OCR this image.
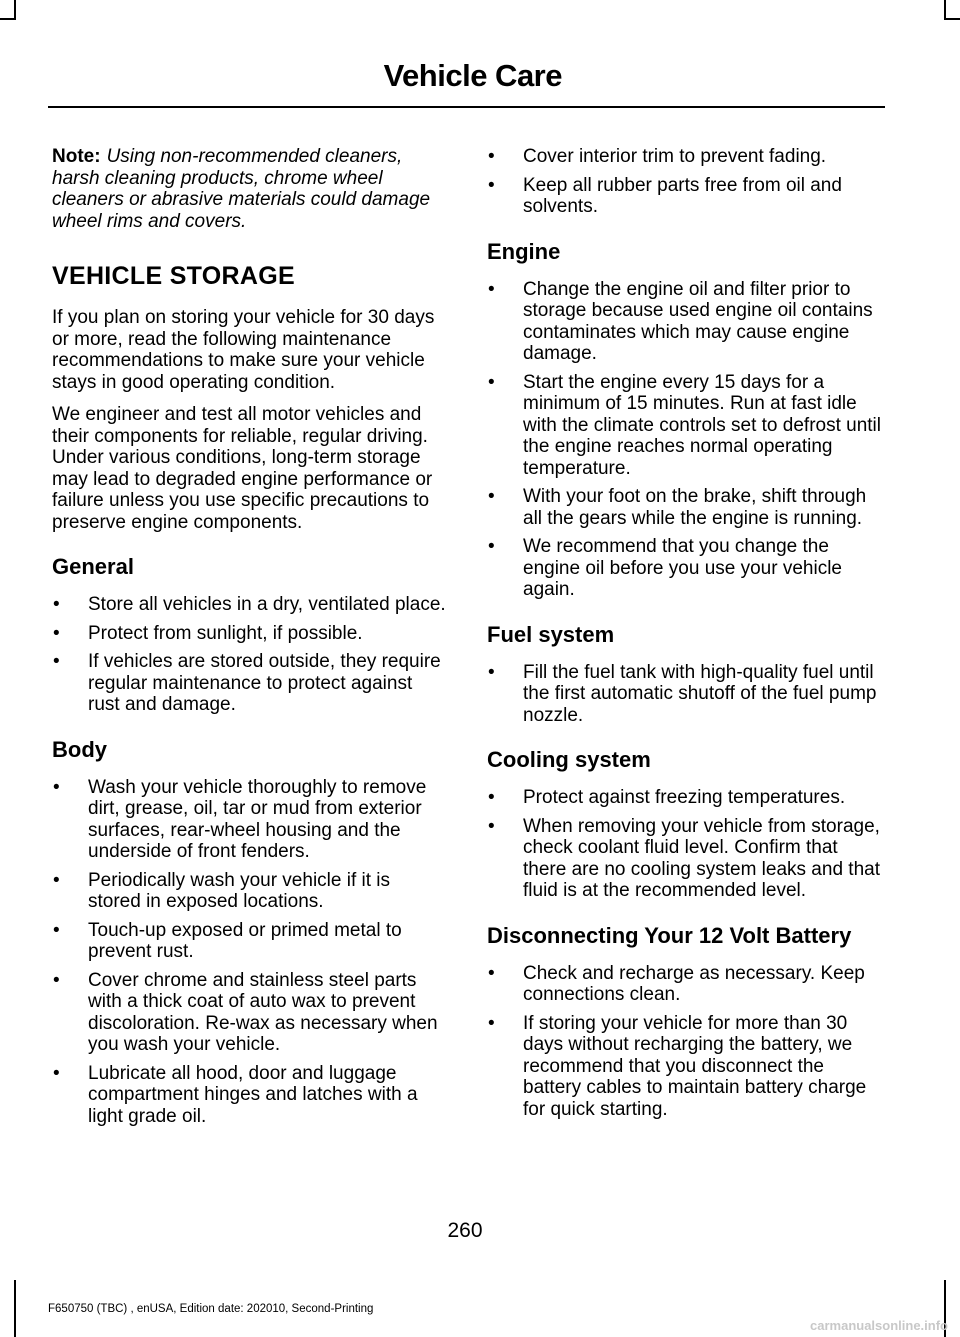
Vehicle Care

Note: Using non-recommended cleaners, harsh cleaning products, chrome wheel cleaners or abrasive materials could damage wheel rims and covers.

VEHICLE STORAGE

If you plan on storing your vehicle for 30 days or more, read the following maintenance recommendations to make sure your vehicle stays in good operating condition.

We engineer and test all motor vehicles and their components for reliable, regular driving. Under various conditions, long-term storage may lead to degraded engine performance or failure unless you use specific precautions to preserve engine components.

General
• Store all vehicles in a dry, ventilated place.
• Protect from sunlight, if possible.
• If vehicles are stored outside, they require regular maintenance to protect against rust and damage.
Body
• Wash your vehicle thoroughly to remove dirt, grease, oil, tar or mud from exterior surfaces, rear-wheel housing and the underside of front fenders.
• Periodically wash your vehicle if it is stored in exposed locations.
• Touch-up exposed or primed metal to prevent rust.
• Cover chrome and stainless steel parts with a thick coat of auto wax to prevent discoloration. Re-wax as necessary when you wash your vehicle.
• Lubricate all hood, door and luggage compartment hinges and latches with a light grade oil.
• Cover interior trim to prevent fading.
• Keep all rubber parts free from oil and solvents.
Engine
• Change the engine oil and filter prior to storage because used engine oil contains contaminates which may cause engine damage.
• Start the engine every 15 days for a minimum of 15 minutes. Run at fast idle with the climate controls set to defrost until the engine reaches normal operating temperature.
• With your foot on the brake, shift through all the gears while the engine is running.
• We recommend that you change the engine oil before you use your vehicle again.
Fuel system
• Fill the fuel tank with high-quality fuel until the first automatic shutoff of the fuel pump nozzle.
Cooling system
• Protect against freezing temperatures.
• When removing your vehicle from storage, check coolant fluid level. Confirm that there are no cooling system leaks and that fluid is at the recommended level.
Disconnecting Your 12 Volt Battery
• Check and recharge as necessary. Keep connections clean.
• If storing your vehicle for more than 30 days without recharging the battery, we recommend that you disconnect the battery cables to maintain battery charge for quick starting.
260
F650750 (TBC) , enUSA, Edition date: 202010, Second-Printing
carmanualsonline.info
